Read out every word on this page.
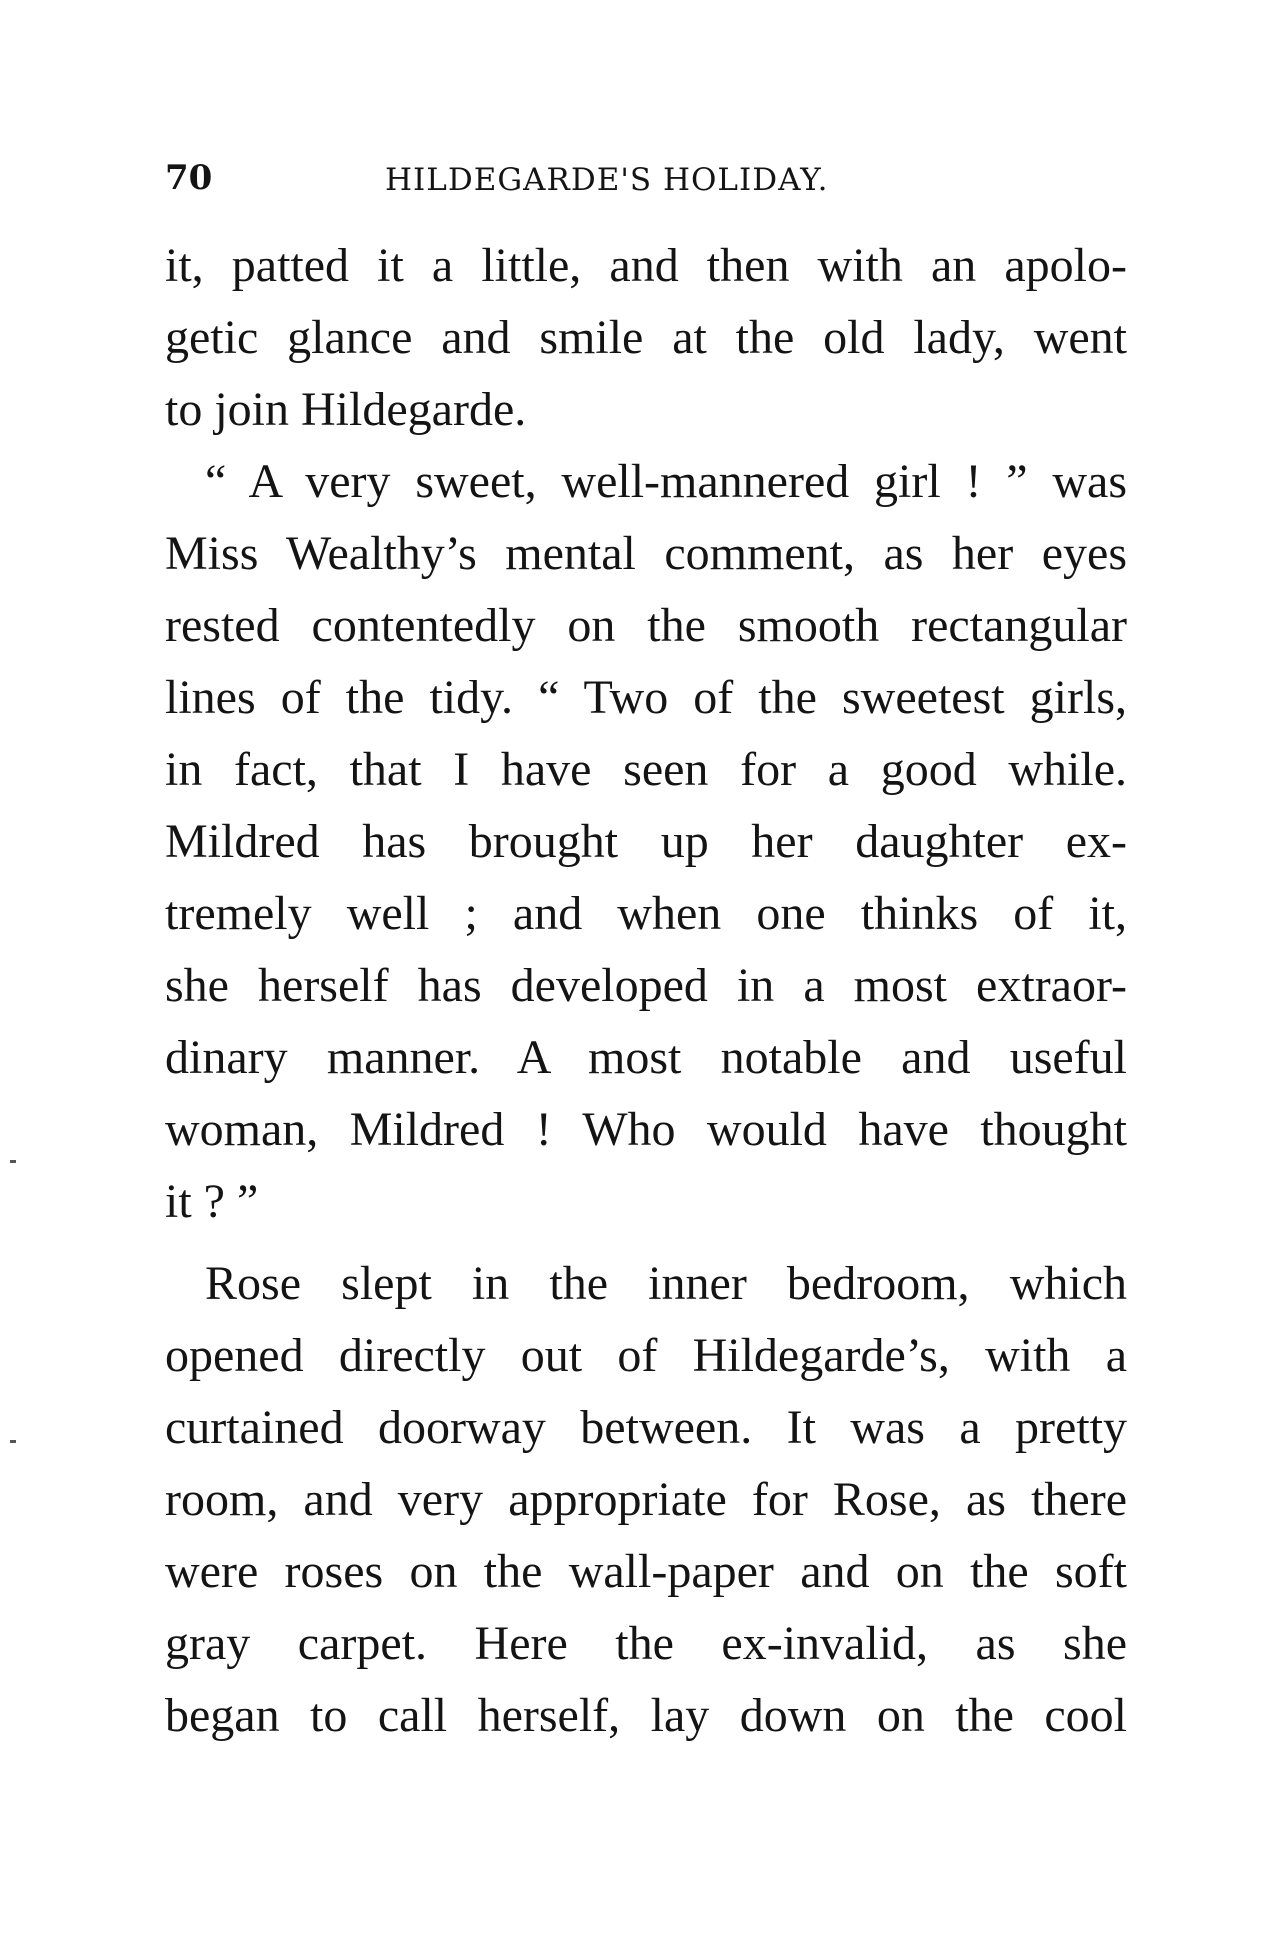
70	HILDEGARDE'S HOLIDAY.
it, patted it a little, and then with an apolo-
getic glance and smile at the old lady, went
to join Hildegarde.
“ A very sweet, well-mannered girl ! ” was
Miss Wealthy’s mental comment, as her eyes
rested contentedly on the smooth rectangular
lines of the tidy. “ Two of the sweetest girls,
in fact, that I have seen for a good while.
Mildred has brought up her daughter ex-
tremely well ; and when one thinks of it,
she herself has developed in a most extraor-
dinary manner. A most notable and useful
woman, Mildred ! Who would have thought
it ? ”
Rose slept in the inner bedroom, which
opened directly out of Hildegarde’s, with a
curtained doorway between. It was a pretty
room, and very appropriate for Rose, as there
were roses on the wall-paper and on the soft
gray carpet. Here the ex-invalid, as she
began to call herself, lay down on the cool
